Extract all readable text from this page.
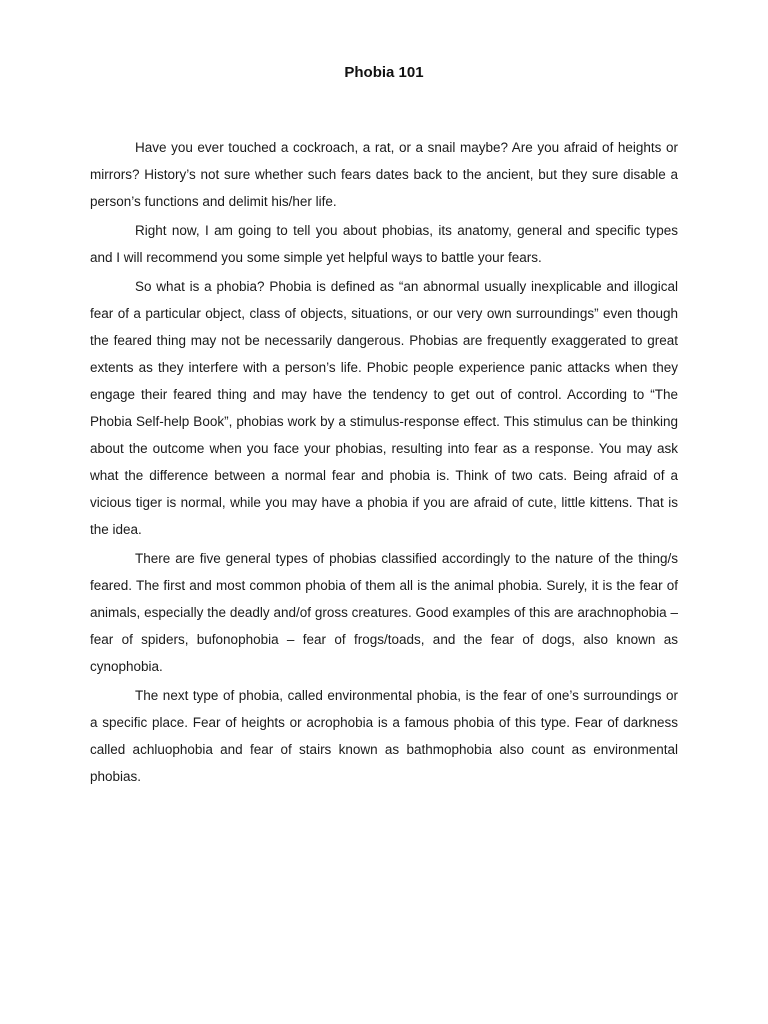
Phobia 101

Have you ever touched a cockroach, a rat, or a snail maybe? Are you afraid of heights or mirrors? History’s not sure whether such fears dates back to the ancient, but they sure disable a person’s functions and delimit his/her life.

Right now, I am going to tell you about phobias, its anatomy, general and specific types and I will recommend you some simple yet helpful ways to battle your fears.

So what is a phobia? Phobia is defined as “an abnormal usually inexplicable and illogical fear of a particular object, class of objects, situations, or our very own surroundings” even though the feared thing may not be necessarily dangerous. Phobias are frequently exaggerated to great extents as they interfere with a person’s life. Phobic people experience panic attacks when they engage their feared thing and may have the tendency to get out of control. According to “The Phobia Self-help Book”, phobias work by a stimulus-response effect. This stimulus can be thinking about the outcome when you face your phobias, resulting into fear as a response. You may ask what the difference between a normal fear and phobia is. Think of two cats. Being afraid of a vicious tiger is normal, while you may have a phobia if you are afraid of cute, little kittens. That is the idea.

There are five general types of phobias classified accordingly to the nature of the thing/s feared. The first and most common phobia of them all is the animal phobia. Surely, it is the fear of animals, especially the deadly and/of gross creatures. Good examples of this are arachnophobia – fear of spiders, bufonophobia – fear of frogs/toads, and the fear of dogs, also known as cynophobia.

The next type of phobia, called environmental phobia, is the fear of one’s surroundings or a specific place. Fear of heights or acrophobia is a famous phobia of this type. Fear of darkness called achluophobia and fear of stairs known as bathmophobia also count as environmental phobias.
